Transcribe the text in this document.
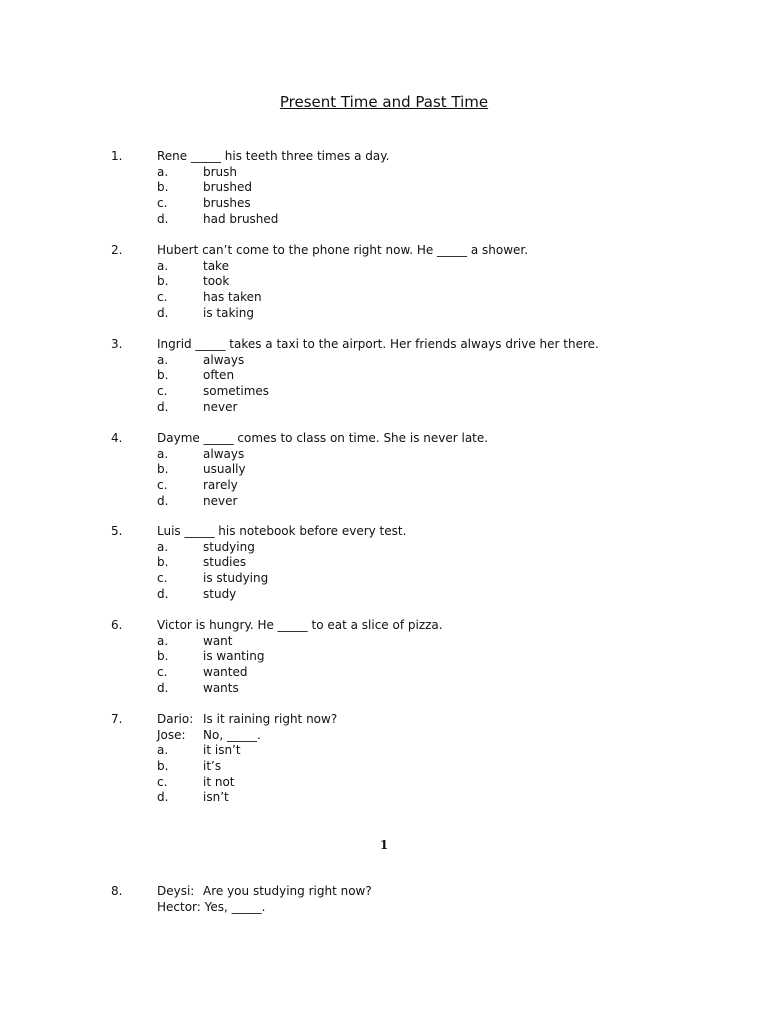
Present Time and Past Time
1.	Rene _____ his teeth three times a day.
a.	brush
b.	brushed
c.	brushes
d.	had brushed
2.	Hubert can’t come to the phone right now. He _____ a shower.
a.	take
b.	took
c.	has taken
d.	is taking
3.	Ingrid _____ takes a taxi to the airport. Her friends always drive her there.
a.	always
b.	often
c.	sometimes
d.	never
4.	Dayme _____ comes to class on time. She is never late.
a.	always
b.	usually
c.	rarely
d.	never
5.	Luis _____ his notebook before every test.
a.	studying
b.	studies
c.	is studying
d.	study
6.	Victor is hungry. He _____ to eat a slice of pizza.
a.	want
b.	is wanting
c.	wanted
d.	wants
7.	Dario: Is it raining right now?
Jose: No, _____.
a.	it isn’t
b.	it’s
c.	it not
d.	isn’t
1
8.	Deysi: Are you studying right now?
Hector: Yes, _____.
